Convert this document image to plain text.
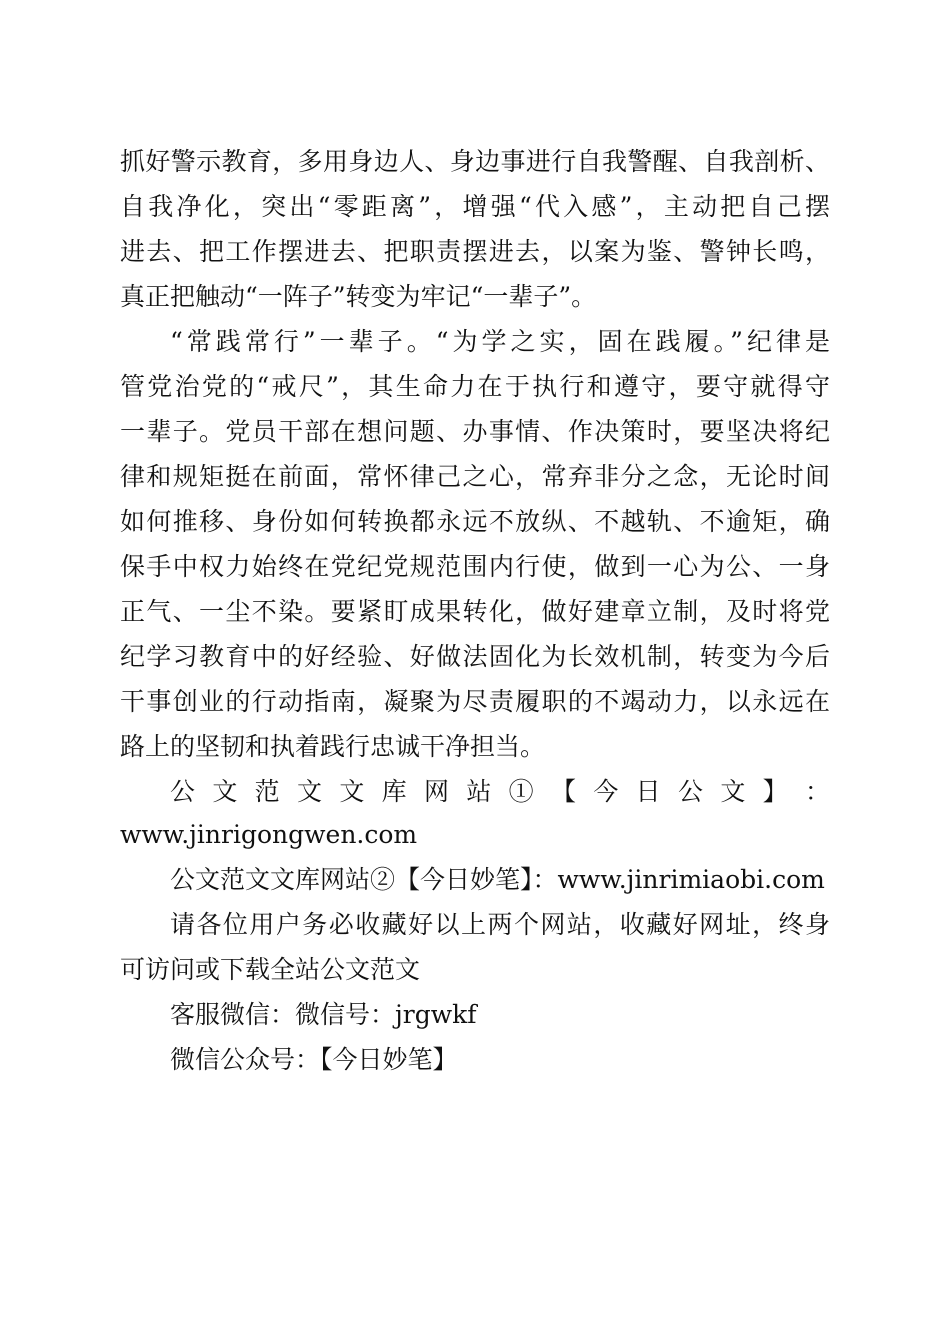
抓好警示教育，多用身边人、身边事进行自我警醒、自我剖析、
自我净化，突出“零距离”，增强“代入感”，主动把自己摆
进去、把工作摆进去、把职责摆进去，以案为鉴、警钟长鸣，
真正把触动“一阵子”转变为牢记“一辈子”。
“常践常行”一辈子。“为学之实，固在践履。”纪律是
管党治党的“戒尺”，其生命力在于执行和遵守，要守就得守
一辈子。党员干部在想问题、办事情、作决策时，要坚决将纪
律和规矩挺在前面，常怀律己之心，常弃非分之念，无论时间
如何推移、身份如何转换都永远不放纵、不越轨、不逾矩，确
保手中权力始终在党纪党规范围内行使，做到一心为公、一身
正气、一尘不染。要紧盯成果转化，做好建章立制，及时将党
纪学习教育中的好经验、好做法固化为长效机制，转变为今后
干事创业的行动指南，凝聚为尽责履职的不竭动力，以永远在
路上的坚韧和执着践行忠诚干净担当。
公 文 范 文 文 库 网 站 ① 【 今 日 公 文 】 ：
www.jinrigongwen.com
公文范文文库网站②【今日妙笔】：www.jinrimiaobi.com
请各位用户务必收藏好以上两个网站，收藏好网址，终身
可访问或下载全站公文范文
客服微信：微信号：jrgwkf
微信公众号：【今日妙笔】
